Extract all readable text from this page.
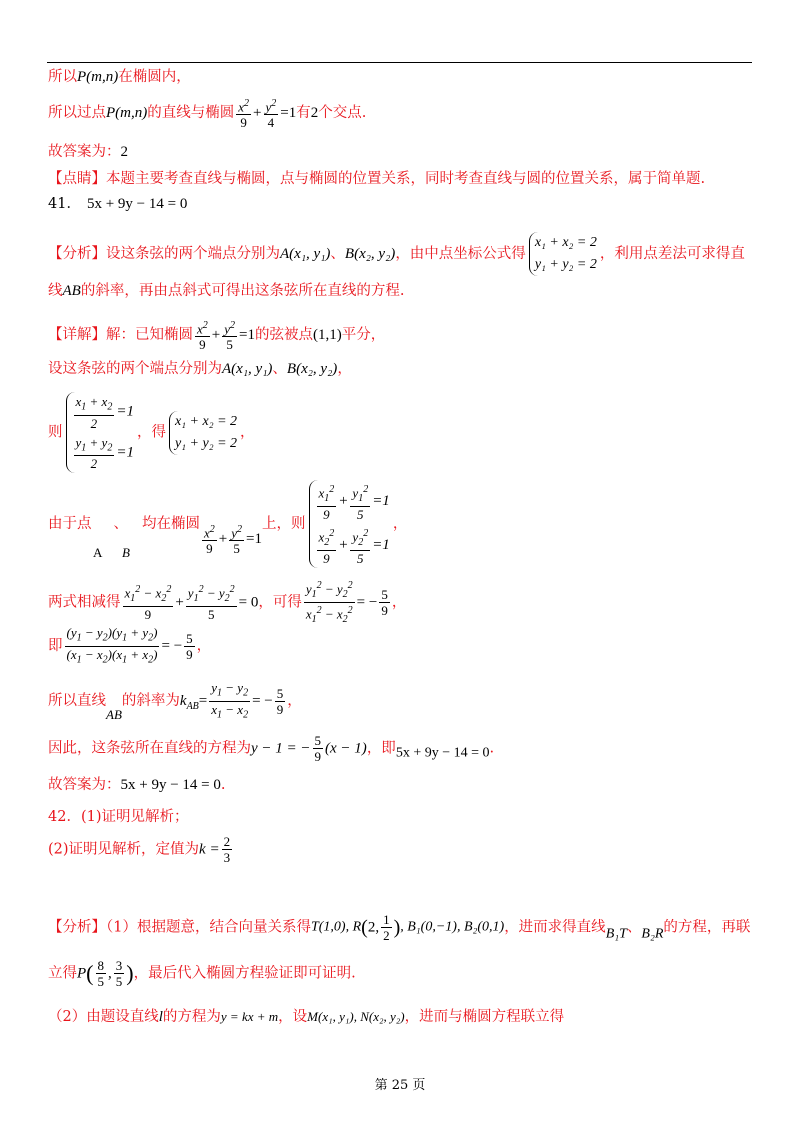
所以P(m,n)在椭圆内，
所以过点P(m,n)的直线与椭圆 $\frac{x^2}{9} + \frac{y^2}{4} =1$有2个交点.
故答案为：2
【点睛】本题主要考查直线与椭圆，点与椭圆的位置关系，同时考查直线与圆的位置关系，属于简单题.
41． 5x + 9y − 14 = 0
【分析】设这条弦的两个端点分别为A(x₁, y₁)、B(x₂, y₂)，由中点坐标公式得
x₁ + x₂ = 2
y₁ + y₂ = 2
，利用点差法可求得直
线AB的斜率，再由点斜式可得出这条弦所在直线的方程.
【详解】解：已知椭圆 $\frac{x^2}{9} + \frac{y^2}{5} =1$的弦被点(1,1)平分，
设这条弦的两个端点分别为A(x₁, y₁)、B(x₂, y₂)，
则
$\frac{x_1 + x_2}{2} =1$
$\frac{y_1 + y_2}{2} =1$
，得
x₁ + x₂ = 2
y₁ + y₂ = 2
，
由于点 、 均在椭圆 $\frac{x^2}{9} + \frac{y^2}{5} =1$上，则
$\frac{x_1^2}{9} + \frac{y_1^2}{5} =1$
$\frac{x_2^2}{9} + \frac{y_2^2}{5} =1$
，
A B
两式相减得 $\frac{x_1^2 - x_2^2}{9} + \frac{y_1^2 - y_2^2}{5} = 0$，可得 $\frac{y_1^2 - y_2^2}{x_1^2 - x_2^2}$ = − $\frac{5}{9}$ ，
即 $\frac{(y_1 - y_2)(y_1 + y_2)}{(x_1 - x_2)(x_1 + x_2)}$ = − $\frac{5}{9}$ ，
所以直线AB的斜率为$k_{AB}= \frac{y_1 - y_2}{x_1 - x_2}$ = − $\frac{5}{9}$ ，
因此，这条弦所在直线的方程为y − 1 = − $\frac{5}{9} (x - 1)$，即5x + 9y − 14 = 0.
故答案为：5x + 9y − 14 = 0.
42．(1)证明见解析；
(2)证明见解析，定值为$k = \frac{2}{3}$
【分析】（1）根据题意，结合向量关系得T(1,0), R(2, $\frac{1}{2}$ ), B₁(0,−1), B₂(0,1)，进而求得直线B₁T、B₂R的方程，再联
立得$P( \frac{8}{5}$ , $\frac{3}{5}$ )，最后代入椭圆方程验证即可证明.
（2）由题设直线l的方程为y = kx + m，设M(x₁, y₁), N(x₂, y₂)，进而与椭圆方程联立得
第 25 页
